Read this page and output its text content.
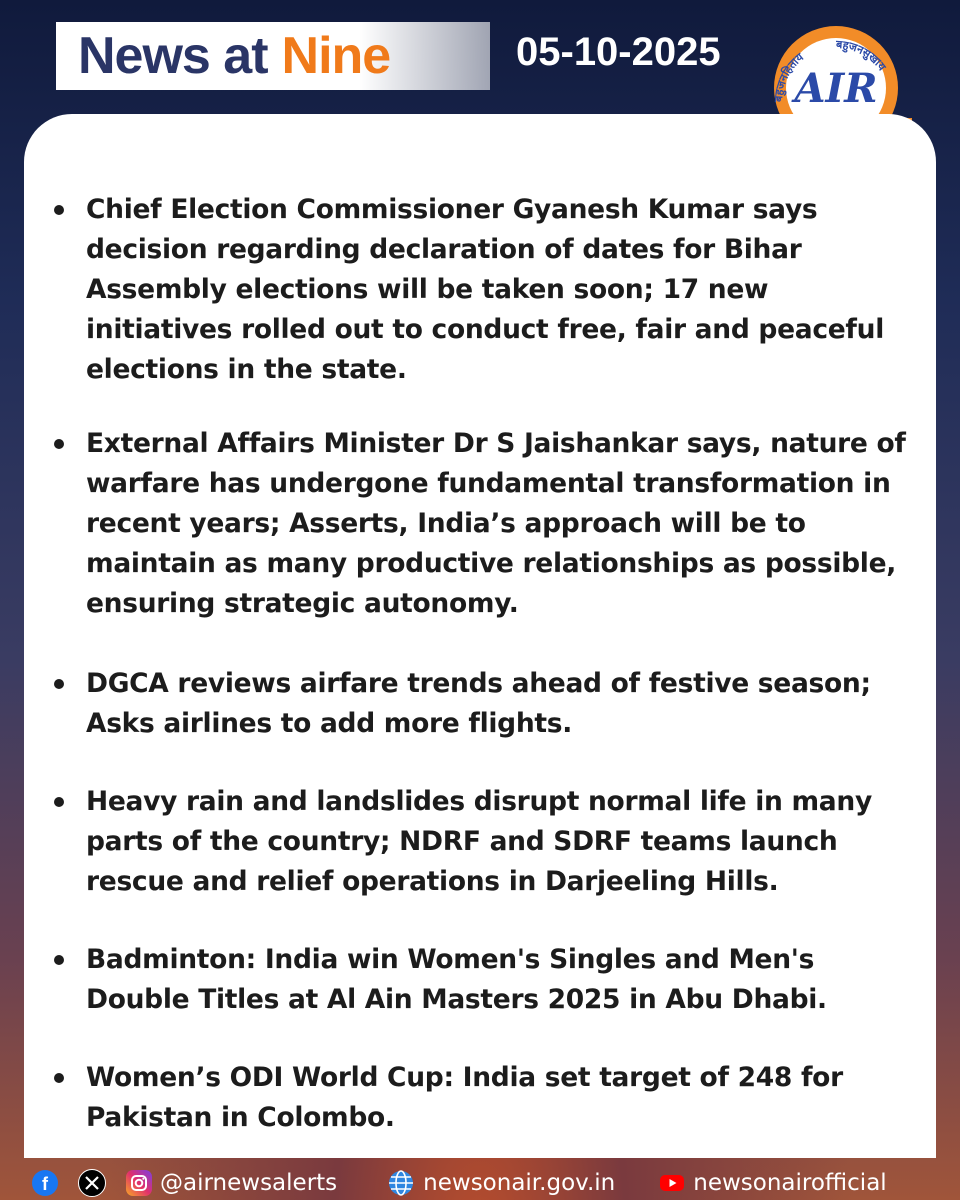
News at Nine	05-10-2025
बहुजनहिताय
बहुजनसुखाय
AIR
Chief Election Commissioner Gyanesh Kumar says decision regarding declaration of dates for Bihar Assembly elections will be taken soon; 17 new initiatives rolled out to conduct free, fair and peaceful elections in the state.
External Affairs Minister Dr S Jaishankar says, nature of warfare has undergone fundamental transformation in recent years; Asserts, India’s approach will be to maintain as many productive relationships as possible, ensuring strategic autonomy.
DGCA reviews airfare trends ahead of festive season; Asks airlines to add more flights.
Heavy rain and landslides disrupt normal life in many parts of the country; NDRF and SDRF teams launch rescue and relief operations in Darjeeling Hills.
Badminton: India win Women's Singles and Men's Double Titles at Al Ain Masters 2025 in Abu Dhabi.
Women’s ODI World Cup: India set target of 248 for Pakistan in Colombo.
f	@airnewsalerts	newsonair.gov.in	newsonairofficial
